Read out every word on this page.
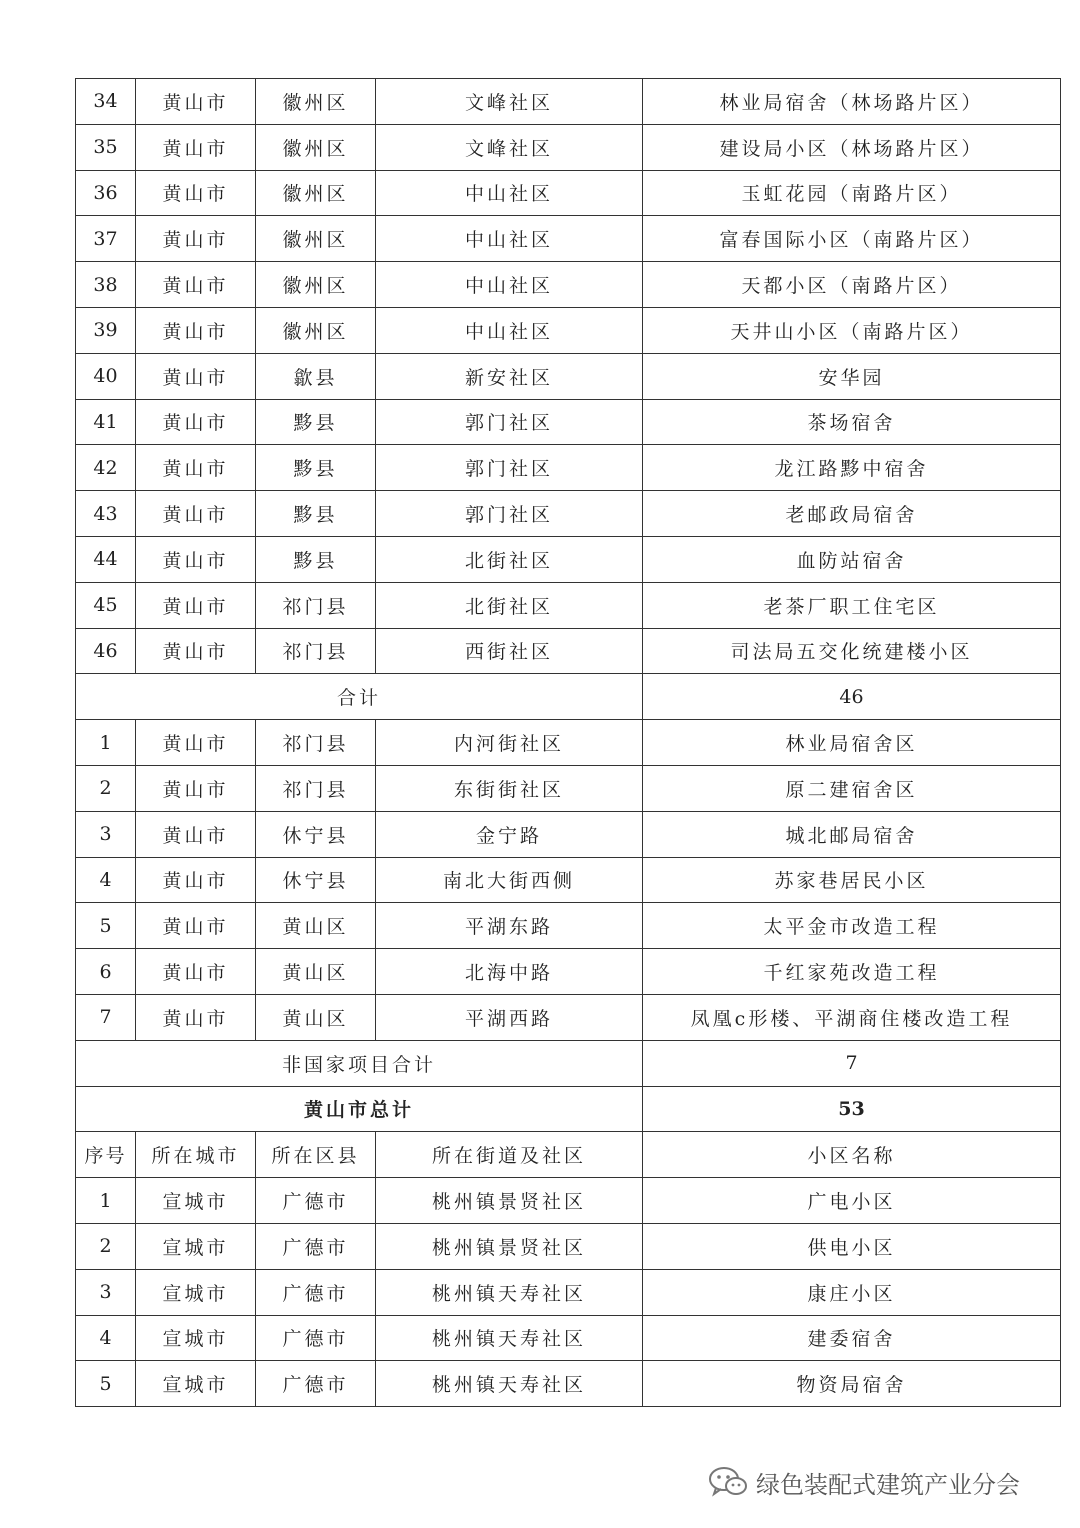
34	黄山市	徽州区	文峰社区	林业局宿舍（林场路片区）
35	黄山市	徽州区	文峰社区	建设局小区（林场路片区）
36	黄山市	徽州区	中山社区	玉虹花园（南路片区）
37	黄山市	徽州区	中山社区	富春国际小区（南路片区）
38	黄山市	徽州区	中山社区	天都小区（南路片区）
39	黄山市	徽州区	中山社区	天井山小区（南路片区）
40	黄山市	歙县	新安社区	安华园
41	黄山市	黟县	郭门社区	茶场宿舍
42	黄山市	黟县	郭门社区	龙江路黟中宿舍
43	黄山市	黟县	郭门社区	老邮政局宿舍
44	黄山市	黟县	北街社区	血防站宿舍
45	黄山市	祁门县	北街社区	老茶厂职工住宅区
46	黄山市	祁门县	西街社区	司法局五交化统建楼小区
合计				46
1	黄山市	祁门县	内河街社区	林业局宿舍区
2	黄山市	祁门县	东街街社区	原二建宿舍区
3	黄山市	休宁县	金宁路	城北邮局宿舍
4	黄山市	休宁县	南北大街西侧	苏家巷居民小区
5	黄山市	黄山区	平湖东路	太平金市改造工程
6	黄山市	黄山区	北海中路	千红家苑改造工程
7	黄山市	黄山区	平湖西路	凤凰c形楼、平湖商住楼改造工程
非国家项目合计				7
黄山市总计				53
序号	所在城市	所在区县	所在街道及社区	小区名称
1	宣城市	广德市	桃州镇景贤社区	广电小区
2	宣城市	广德市	桃州镇景贤社区	供电小区
3	宣城市	广德市	桃州镇天寿社区	康庄小区
4	宣城市	广德市	桃州镇天寿社区	建委宿舍
5	宣城市	广德市	桃州镇天寿社区	物资局宿舍
绿色装配式建筑产业分会
